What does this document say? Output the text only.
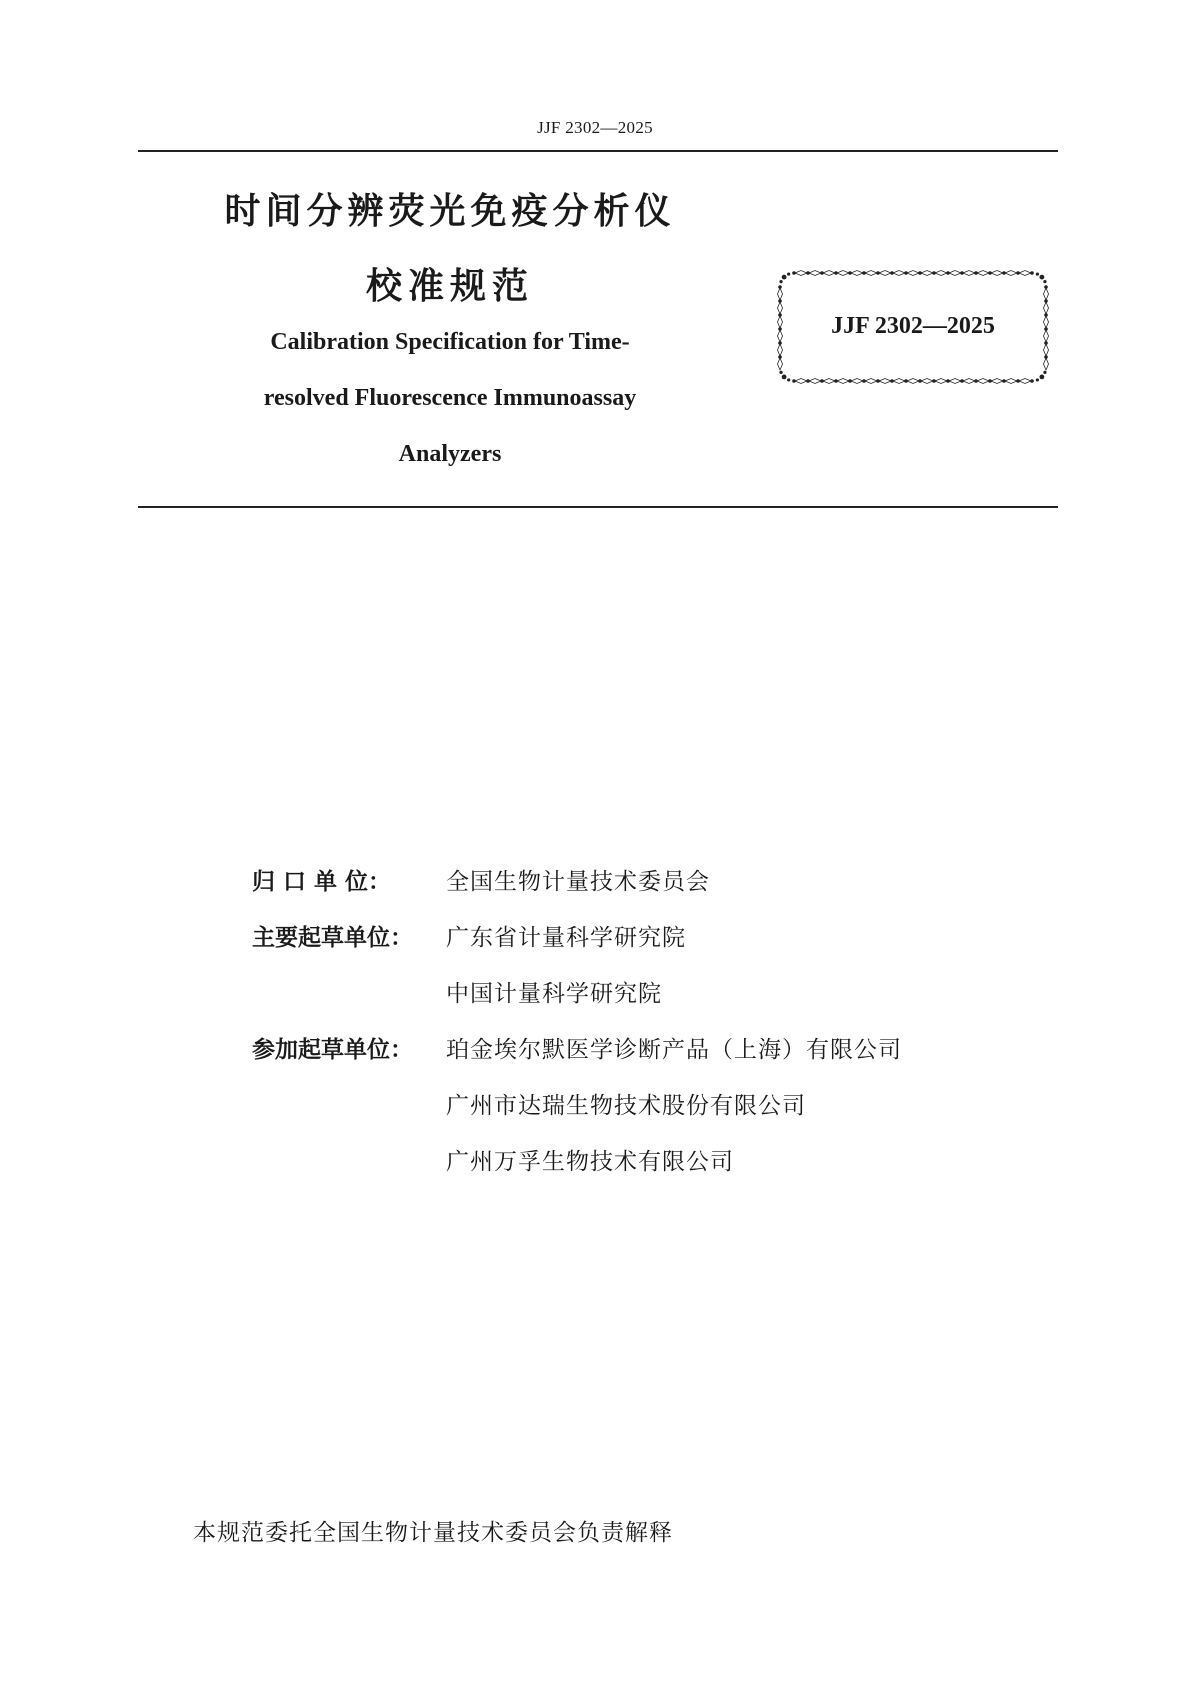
JJF 2302—2025
时间分辨荧光免疫分析仪
校准规范
Calibration Specification for Time-
resolved Fluorescence Immunoassay
Analyzers
JJF 2302—2025
归 口 单 位：	全国生物计量技术委员会
主要起草单位：	广东省计量科学研究院
中国计量科学研究院
参加起草单位：	珀金埃尔默医学诊断产品（上海）有限公司
广州市达瑞生物技术股份有限公司
广州万孚生物技术有限公司
本规范委托全国生物计量技术委员会负责解释
